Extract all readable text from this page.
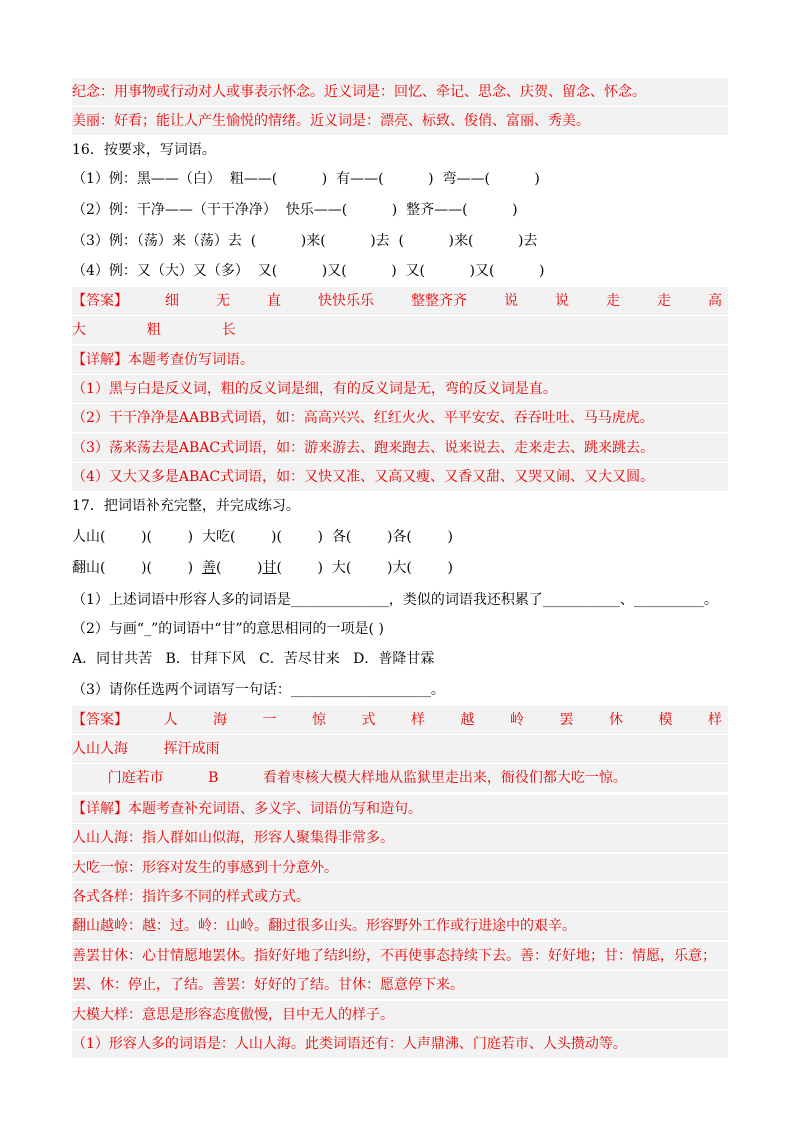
纪念：用事物或行动对人或事表示怀念。近义词是：回忆、牵记、思念、庆贺、留念、怀念。
美丽：好看；能让人产生愉悦的情绪。近义词是：漂亮、标致、俊俏、富丽、秀美。
16．按要求，写词语。
（1）例：黑——（白）  粗——(          )  有——(          )  弯——(          )
（2）例：干净——（干干净净）  快乐——(          )  整齐——(          )
（3）例：（荡）来（荡）去  (          )来(          )去  (          )来(          )去
（4）例：又（大）又（多）  又(          )又(          )  又(          )又(          )
【答案】	细	无	直	快快乐乐	整整齐齐	说	说	走	走	高
大	粗	长
【详解】本题考查仿写词语。
（1）黑与白是反义词，粗的反义词是细，有的反义词是无，弯的反义词是直。
（2）干干净净是AABB式词语，如：高高兴兴、红红火火、平平安安、吞吞吐吐、马马虎虎。
（3）荡来荡去是ABAC式词语，如：游来游去、跑来跑去、说来说去、走来走去、跳来跳去。
（4）又大又多是ABAC式词语，如：又快又准、又高又瘦、又香又甜、又哭又闹、又大又圆。
17．把词语补充完整，并完成练习。
人山(        )(        )  大吃(        )(        )  各(        )各(        )
翻山(        )(        )  善(        )甘(        )  大(        )大(        )
（1）上述词语中形容人多的词语是______________，类似的词语我还积累了___________、__________。
（2）与画“_”的词语中“甘”的意思相同的一项是( )
A．同甘共苦   B．甘拜下风   C．苦尽甘来   D．普降甘霖
（3）请你任选两个词语写一句话：____________________。
【答案】	人	海	一	惊	式	样	越	岭	罢	休	模	样
人山人海        挥汗成雨
门庭若市          B          看着枣核大模大样地从监狱里走出来，衙役们都大吃一惊。
【详解】本题考查补充词语、多义字、词语仿写和造句。
人山人海：指人群如山似海，形容人聚集得非常多。
大吃一惊：形容对发生的事感到十分意外。
各式各样：指许多不同的样式或方式。
翻山越岭：越：过。岭：山岭。翻过很多山头。形容野外工作或行进途中的艰辛。
善罢甘休：心甘情愿地罢休。指好好地了结纠纷，不再使事态持续下去。善：好好地；甘：情愿，乐意；
罢、休：停止，了结。善罢：好好的了结。甘休：愿意停下来。
大模大样：意思是形容态度傲慢，目中无人的样子。
（1）形容人多的词语是：人山人海。此类词语还有：人声鼎沸、门庭若市、人头攒动等。
